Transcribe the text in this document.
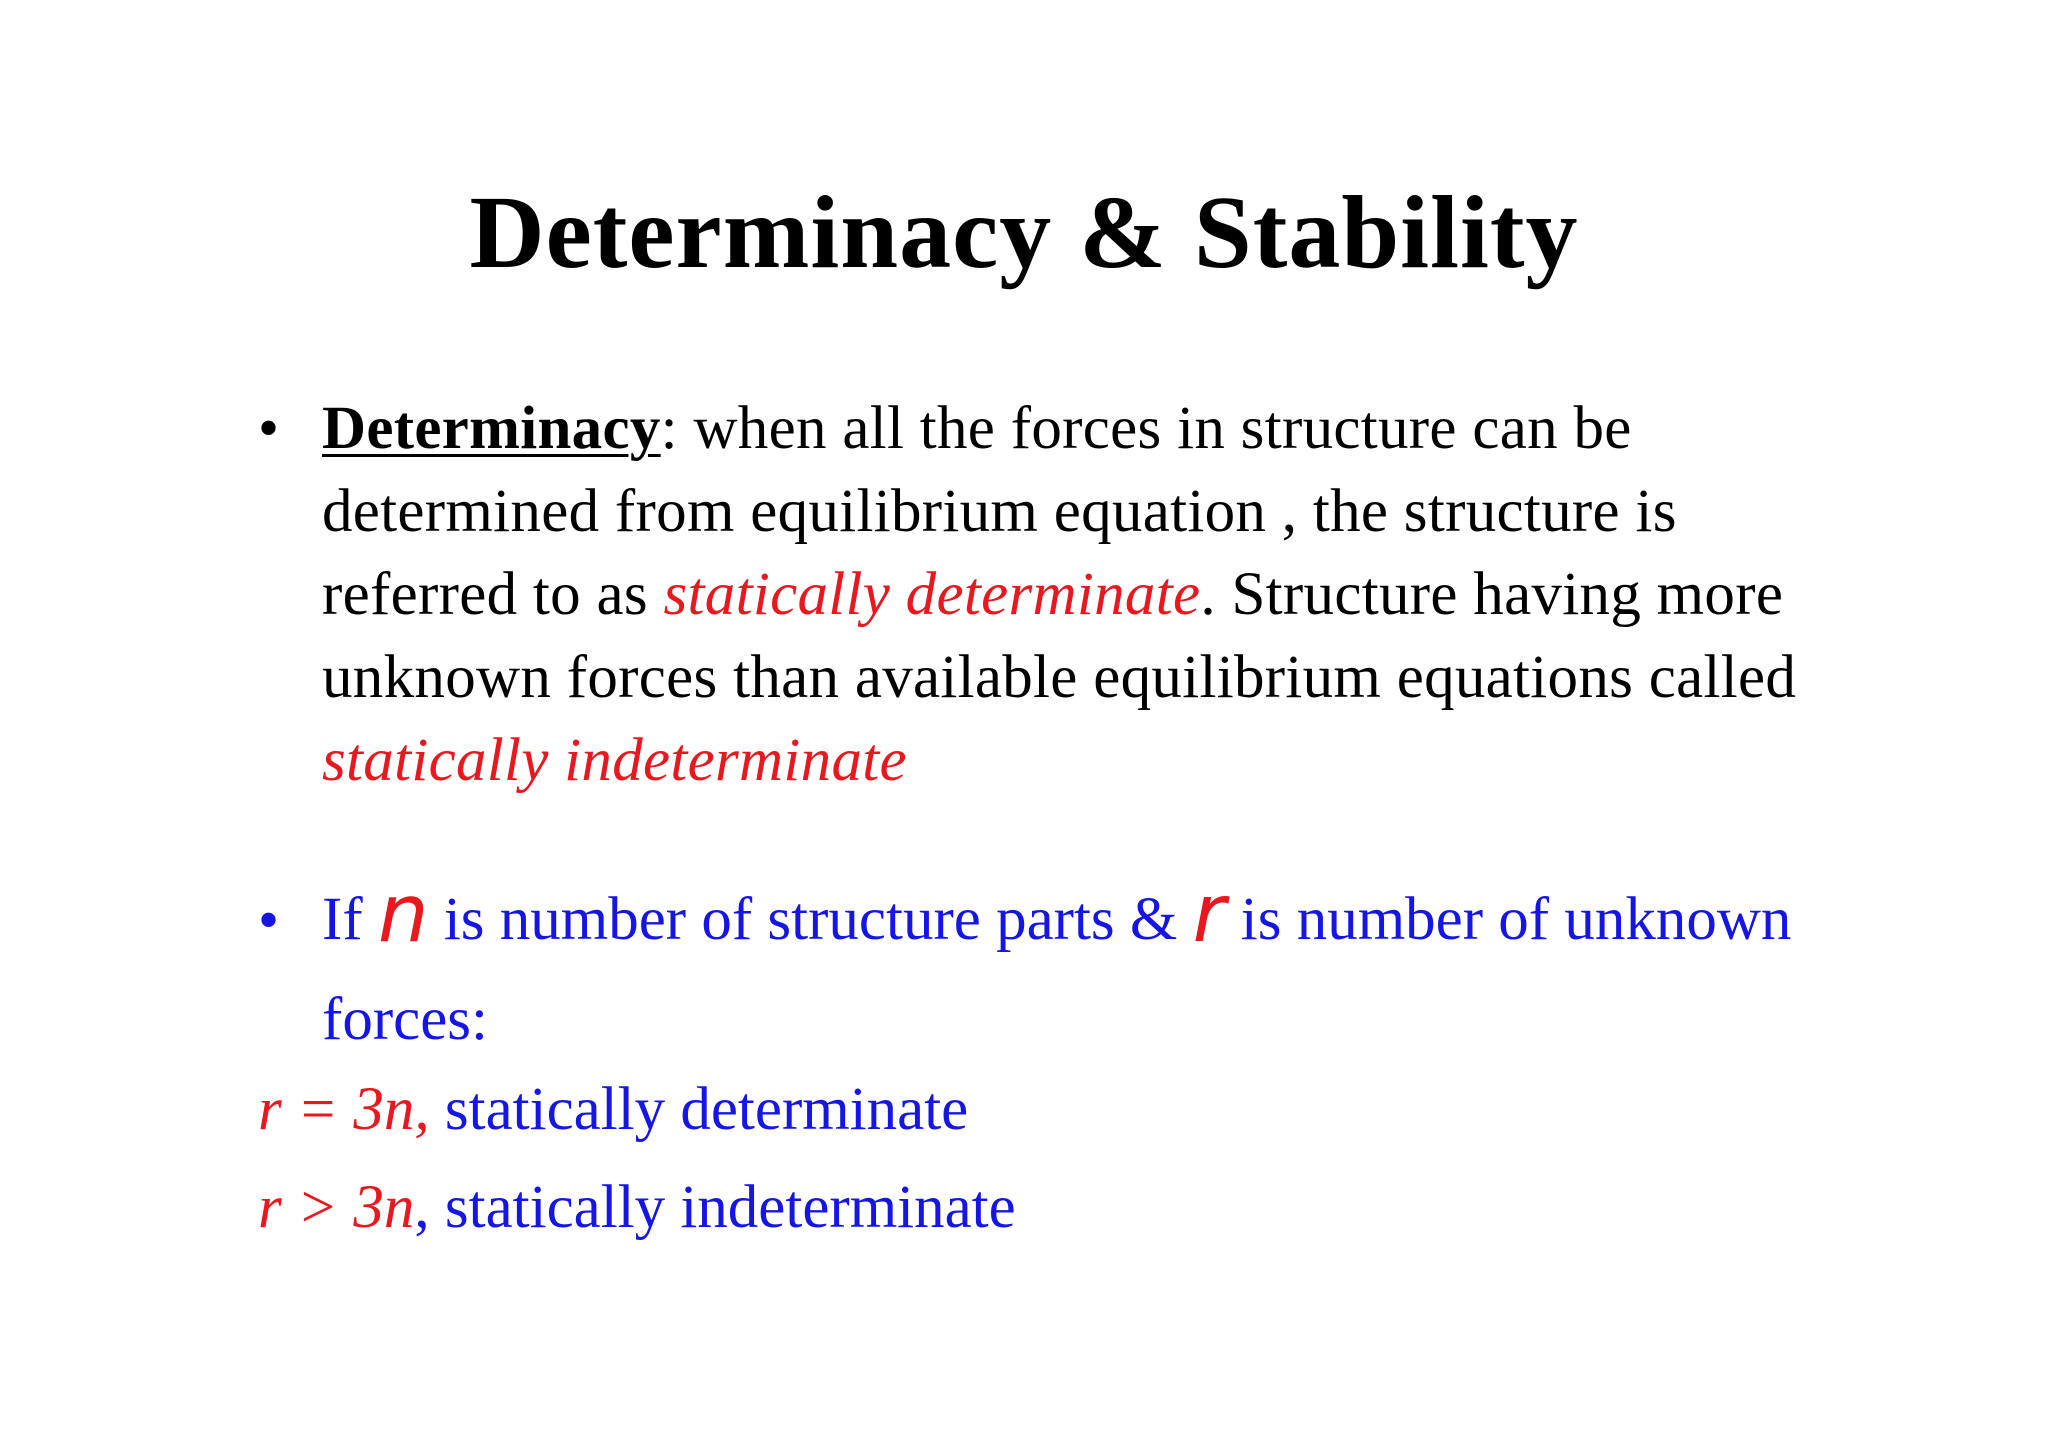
Determinacy & Stability
• Determinacy: when all the forces in structure can be determined from equilibrium equation , the structure is referred to as statically determinate. Structure having more unknown forces than available equilibrium equations called statically indeterminate
• If n is number of structure parts & r is number of unknown forces:
r = 3n, statically determinate
r > 3n, statically indeterminate
